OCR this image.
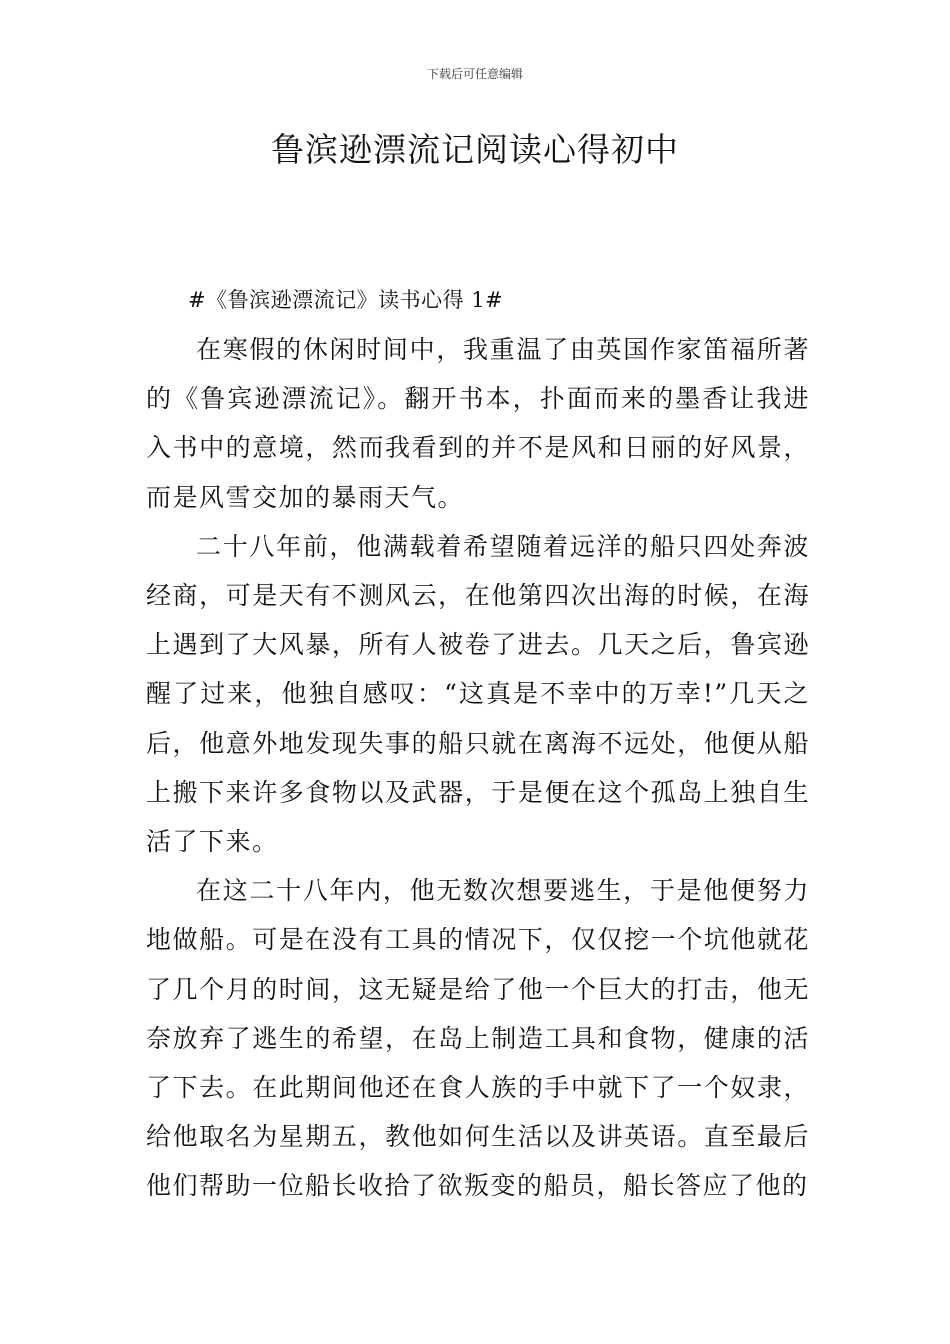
下载后可任意编辑
鲁滨逊漂流记阅读心得初中

#《鲁滨逊漂流记》读书心得 1#

在寒假的休闲时间中，我重温了由英国作家笛福所著的《鲁宾逊漂流记》。翻开书本，扑面而来的墨香让我进入书中的意境，然而我看到的并不是风和日丽的好风景，而是风雪交加的暴雨天气。

二十八年前，他满载着希望随着远洋的船只四处奔波经商，可是天有不测风云，在他第四次出海的时候，在海上遇到了大风暴，所有人被卷了进去。几天之后，鲁宾逊醒了过来，他独自感叹：“这真是不幸中的万幸!”几天之后，他意外地发现失事的船只就在离海不远处，他便从船上搬下来许多食物以及武器，于是便在这个孤岛上独自生活了下来。

在这二十八年内，他无数次想要逃生，于是他便努力地做船。可是在没有工具的情况下，仅仅挖一个坑他就花了几个月的时间，这无疑是给了他一个巨大的打击，他无奈放弃了逃生的希望，在岛上制造工具和食物，健康的活了下去。在此期间他还在食人族的手中就下了一个奴隶，给他取名为星期五，教他如何生活以及讲英语。直至最后他们帮助一位船长收拾了欲叛变的船员，船长答应了他的
